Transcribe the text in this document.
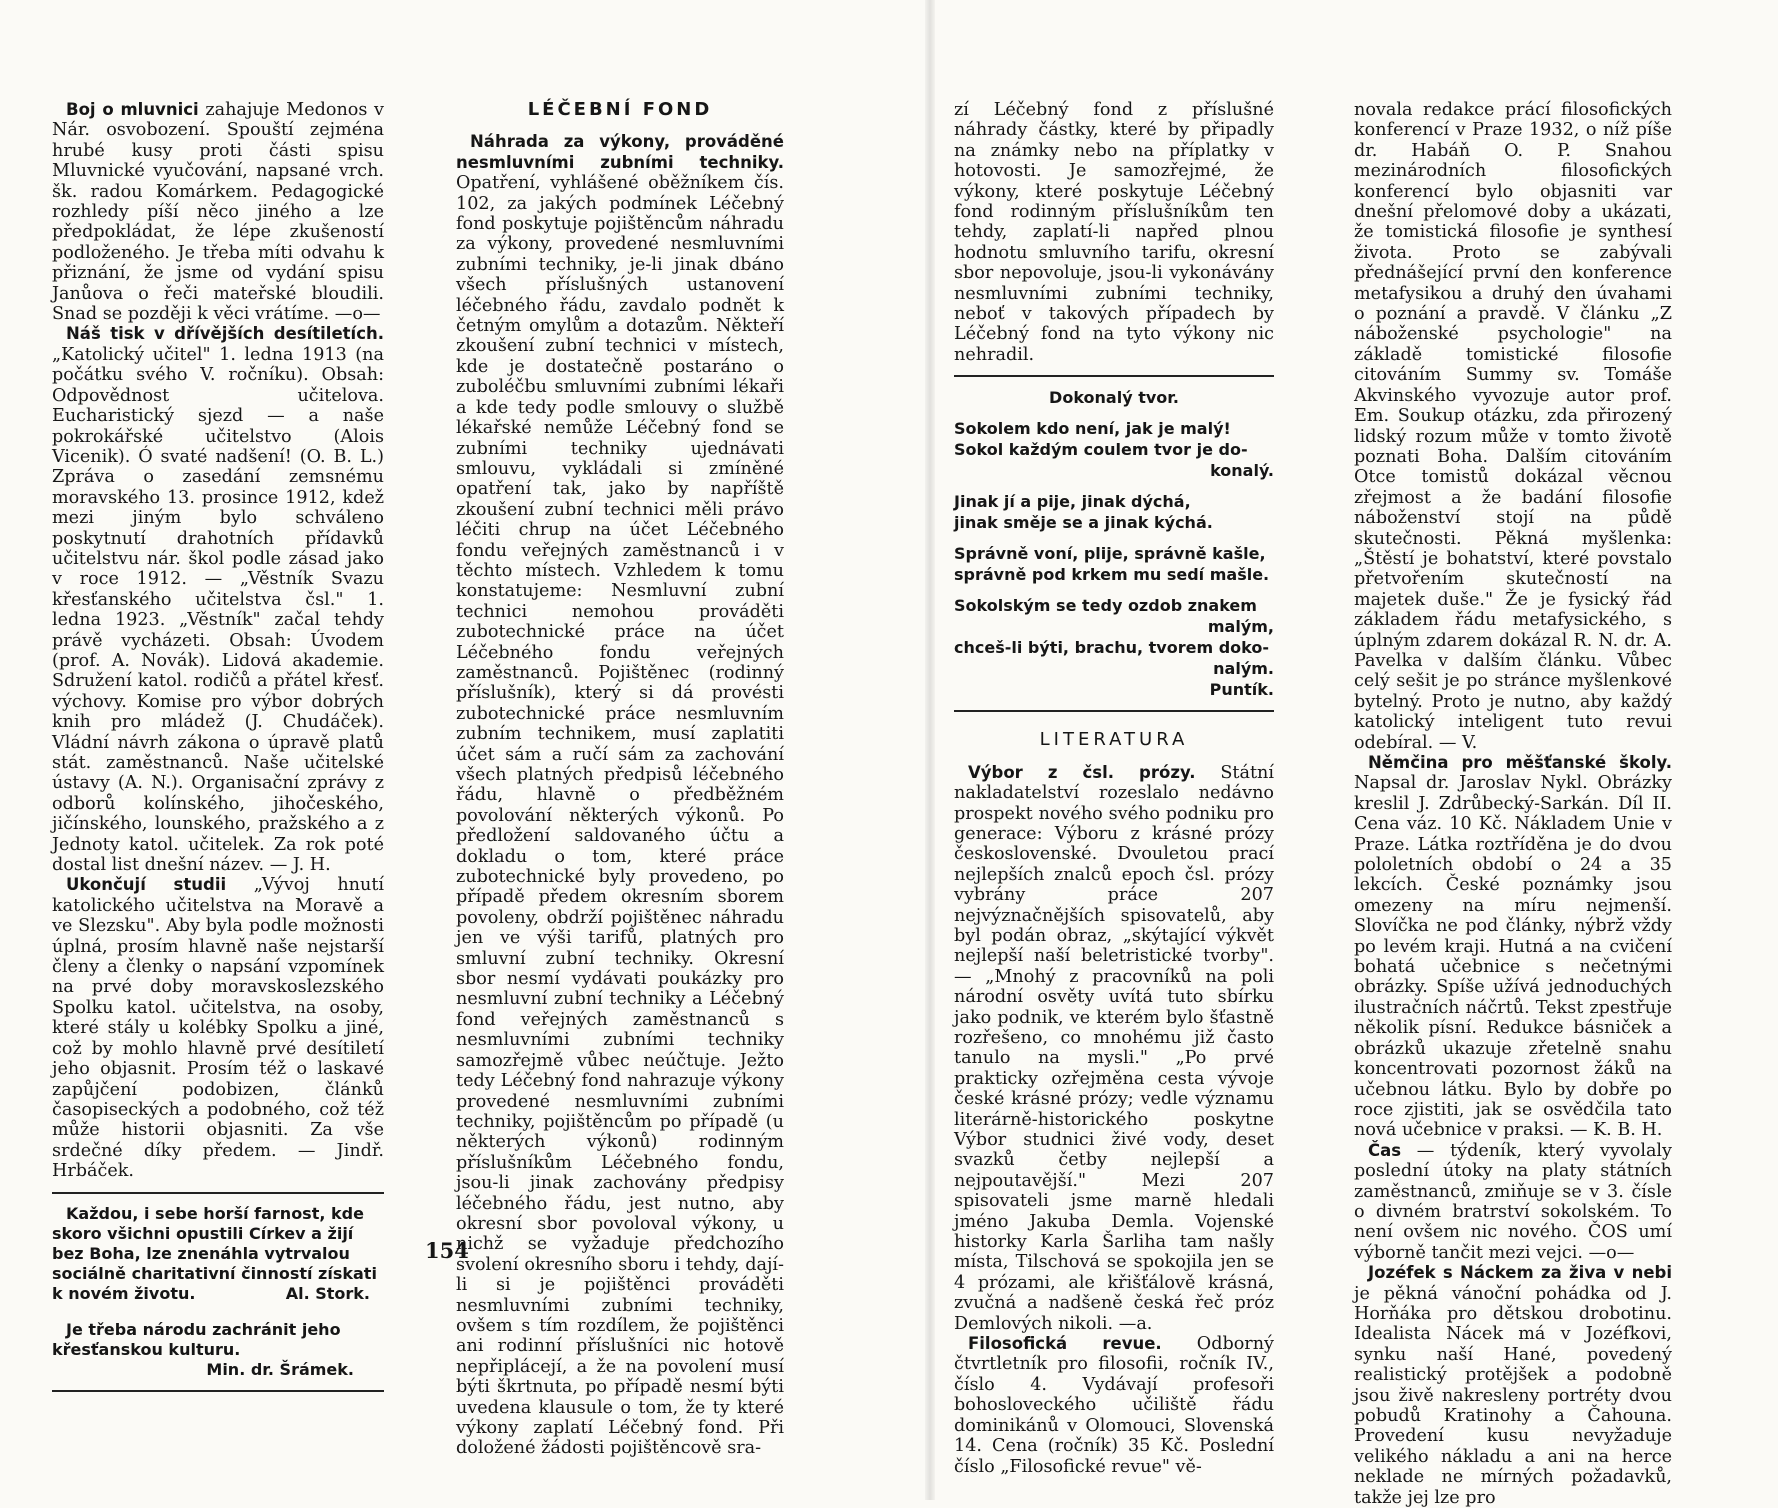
Boj o mluvnici zahajuje Medonos v Nár. osvobození. Spouští zejména hrubé kusy proti části spisu Mluvnické vyučování, napsané vrch. šk. radou Komárkem. Pedagogické rozhledy píší něco jiného a lze předpokládat, že lépe zkušeností podloženého. Je třeba míti odvahu k přiznání, že jsme od vydání spisu Janůova o řeči mateřské bloudili. Snad se později k věci vrátíme. —o—

Náš tisk v dřívějších desítiletích. „Katolický učitel" 1. ledna 1913 (na počátku svého V. ročníku). Obsah: Odpovědnost učitelova. Eucharistický sjezd — a naše pokrokářské učitelstvo (Alois Vicenik). Ó svaté nadšení! (O. B. L.) Zpráva o zasedání zemsnému moravského 13. prosince 1912, kdež mezi jiným bylo schváleno poskytnutí drahotních přídavků učitelstvu nár. škol podle zásad jako v roce 1912. — „Věstník Svazu křesťanského učitelstva čsl." 1. ledna 1923. „Věstník" začal tehdy právě vycházeti. Obsah: Úvodem (prof. A. Novák). Lidová akademie. Sdružení katol. rodičů a přátel křesť. výchovy. Komise pro výbor dobrých knih pro mládež (J. Chudáček). Vládní návrh zákona o úpravě platů stát. zaměstnanců. Naše učitelské ústavy (A. N.). Organisační zprávy z odborů kolínského, jihočeského, jičínského, lounského, pražského a z Jednoty katol. učitelek. Za rok poté dostal list dnešní název. — J. H.

Ukončují studii „Vývoj hnutí katolického učitelstva na Moravě a ve Slezsku". Aby byla podle možnosti úplná, prosím hlavně naše nejstarší členy a členky o napsání vzpomínek na prvé doby moravskoslezského Spolku katol. učitelstva, na osoby, které stály u kolébky Spolku a jiné, což by mohlo hlavně prvé desítiletí jeho objasnit. Prosím též o laskavé zapůjčení podobizen, článků časopiseckých a podobného, což též může historii objasniti. Za vše srdečné díky předem. — Jindř. Hrbáček.

Každou, i sebe horší farnost, kde skoro všichni opustili Církev a žijí bez Boha, lze znenáhla vytrvalou sociálně charitativní činností získati k novém životu.	Al. Stork.

Je třeba národu zachránit jeho křesťanskou kulturu.

Min. dr. Šrámek.

LÉČEBNÍ FOND

Náhrada za výkony, prováděné nesmluvními zubními techniky. Opatření, vyhlášené oběžníkem čís. 102, za jakých podmínek Léčebný fond poskytuje pojištěncům náhradu za výkony, provedené nesmluvními zubními techniky, je-li jinak dbáno všech příslušných ustanovení léčebného řádu, zavdalo podnět k četným omylům a dotazům. Někteří zkoušení zubní technici v místech, kde je dostatečně postaráno o zuboléčbu smluvními zubními lékaři a kde tedy podle smlouvy o službě lékařské nemůže Léčebný fond se zubními techniky ujednávati smlouvu, vykládali si zmíněné opatření tak, jako by napříště zkoušení zubní technici měli právo léčiti chrup na účet Léčebného fondu veřejných zaměstnanců i v těchto místech. Vzhledem k tomu konstatujeme: Nesmluvní zubní technici nemohou prováděti zubotechnické práce na účet Léčebného fondu veřejných zaměstnanců. Pojištěnec (rodinný příslušník), který si dá provésti zubotechnické práce nesmluvním zubním technikem, musí zaplatiti účet sám a ručí sám za zachování všech platných předpisů léčebného řádu, hlavně o předběžném povolování některých výkonů. Po předložení saldovaného účtu a dokladu o tom, které práce zubotechnické byly provedeno, po případě předem okresním sborem povoleny, obdrží pojištěnec náhradu jen ve výši tarifů, platných pro smluvní zubní techniky. Okresní sbor nesmí vydávati poukázky pro nesmluvní zubní techniky a Léčebný fond veřejných zaměstnanců s nesmluvními zubními techniky samozřejmě vůbec neúčtuje. Ježto tedy Léčebný fond nahrazuje výkony provedené nesmluvními zubními techniky, pojištěncům po případě (u některých výkonů) rodinným příslušníkům Léčebného fondu, jsou-li jinak zachovány předpisy léčebného řádu, jest nutno, aby okresní sbor povoloval výkony, u nichž se vyžaduje předchozího svolení okresního sboru i tehdy, dají-li si je pojištěnci prováděti nesmluvními zubními techniky, ovšem s tím rozdílem, že pojištěnci ani rodinní příslušníci nic hotově nepřiplácejí, a že na povolení musí býti škrtnuta, po případě nesmí býti uvedena klausule o tom, že ty které výkony zaplatí Léčebný fond. Při doložené žádosti pojištěncově sra-

154

zí Léčebný fond z příslušné náhrady částky, které by připadly na známky nebo na příplatky v hotovosti. Je samozřejmé, že výkony, které poskytuje Léčebný fond rodinným příslušníkům ten tehdy, zaplatí-li napřed plnou hodnotu smluvního tarifu, okresní sbor nepovoluje, jsou-li vykonávány nesmluvními zubními techniky, neboť v takových případech by Léčebný fond na tyto výkony nic nehradil.

Dokonalý tvor.
Sokolem kdo není, jak je malý!
Sokol každým coulem tvor je do-
konalý.
Jinak jí a pije, jinak dýchá,
jinak směje se a jinak kýchá.
Správně voní, plije, správně kašle,
správně pod krkem mu sedí mašle.
Sokolským se tedy ozdob znakem
malým,
chceš-li býti, brachu, tvorem doko-
nalým.
Puntík.

LITERATURA

Výbor z čsl. prózy. Státní nakladatelství rozeslalo nedávno prospekt nového svého podniku pro generace: Výboru z krásné prózy československé. Dvouletou prací nejlepších znalců epoch čsl. prózy vybrány práce 207 nejvýznačnějších spisovatelů, aby byl podán obraz, „skýtající výkvět nejlepší naší beletristické tvorby". — „Mnohý z pracovníků na poli národní osvěty uvítá tuto sbírku jako podnik, ve kterém bylo šťastně rozřešeno, co mnohému již často tanulo na mysli." „Po prvé prakticky ozřejměna cesta vývoje české krásné prózy; vedle významu literárně-historického poskytne Výbor studnici živé vody, deset svazků četby nejlepší a nejpoutavější." Mezi 207 spisovateli jsme marně hledali jméno Jakuba Demla. Vojenské historky Karla Šarliha tam našly místa, Tilschová se spokojila jen se 4 prózami, ale křišťálově krásná, zvučná a nadšeně česká řeč próz Demlových nikoli. —a.

Filosofická revue. Odborný čtvrtletník pro filosofii, ročník IV., číslo 4. Vydávají profesoři bohosloveckého učiliště řádu dominikánů v Olomouci, Slovenská 14. Cena (ročník) 35 Kč. Poslední číslo „Filosofické revue" vě-

novala redakce prácí filosofických konferencí v Praze 1932, o níž píše dr. Habáň O. P. Snahou mezinárodních filosofických konferencí bylo objasniti var dnešní přelomové doby a ukázati, že tomistická filosofie je synthesí života. Proto se zabývali přednášející první den konference metafysikou a druhý den úvahami o poznání a pravdě. V článku „Z náboženské psychologie" na základě tomistické filosofie citováním Summy sv. Tomáše Akvinského vyvozuje autor prof. Em. Soukup otázku, zda přirozený lidský rozum může v tomto životě poznati Boha. Dalším citováním Otce tomistů dokázal věcnou zřejmost a že badání filosofie náboženství stojí na půdě skutečnosti. Pěkná myšlenka: „Štěstí je bohatství, které povstalo přetvořením skutečností na majetek duše." Že je fysický řád základem řádu metafysického, s úplným zdarem dokázal R. N. dr. A. Pavelka v dalším článku. Vůbec celý sešit je po stránce myšlenkové bytelný. Proto je nutno, aby každý katolický inteligent tuto revui odebíral. — V.

Němčina pro měšťanské školy. Napsal dr. Jaroslav Nykl. Obrázky kreslil J. Zdrůbecký-Sarkán. Díl II. Cena váz. 10 Kč. Nákladem Unie v Praze. Látka roztříděna je do dvou pololetních období o 24 a 35 lekcích. České poznámky jsou omezeny na míru nejmenší. Slovíčka ne pod články, nýbrž vždy po levém kraji. Hutná a na cvičení bohatá učebnice s nečetnými obrázky. Spíše užívá jednoduchých ilustračních náčrtů. Tekst zpestřuje několik písní. Redukce básniček a obrázků ukazuje zřetelně snahu koncentrovati pozornost žáků na učebnou látku. Bylo by dobře po roce zjistiti, jak se osvědčila tato nová učebnice v praksi. — K. B. H.

Čas — týdeník, který vyvolaly poslední útoky na platy státních zaměstnanců, zmiňuje se v 3. čísle o divném bratrství sokolském. To není ovšem nic nového. ČOS umí výborně tančit mezi vejci. —o—

Jozéfek s Náckem za živa v nebi je pěkná vánoční pohádka od J. Horňáka pro dětskou drobotinu. Idealista Nácek má v Jozéfkovi, synku naší Hané, povedený realistický protějšek a podobně jsou živě nakresleny portréty dvou pobudů Kratinohy a Čahouna. Provedení kusu nevyžaduje velikého nákladu a ani na herce neklade ne mírných požadavků, takže jej lze pro
